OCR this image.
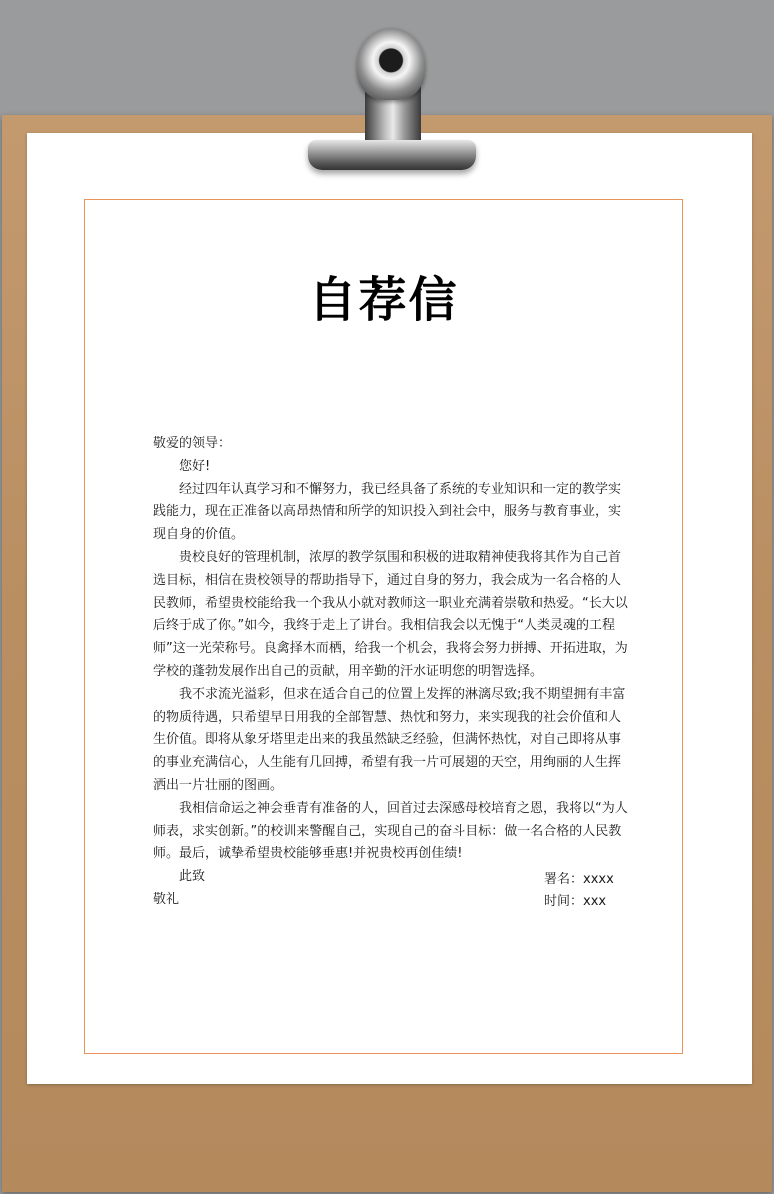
自荐信

敬爱的领导：

您好!

经过四年认真学习和不懈努力，我已经具备了系统的专业知识和一定的教学实践能力，现在正准备以高昂热情和所学的知识投入到社会中，服务与教育事业，实现自身的价值。

贵校良好的管理机制，浓厚的教学氛围和积极的进取精神使我将其作为自己首选目标，相信在贵校领导的帮助指导下，通过自身的努力，我会成为一名合格的人民教师，希望贵校能给我一个我从小就对教师这一职业充满着崇敬和热爱。“长大以后终于成了你。”如今，我终于走上了讲台。我相信我会以无愧于“人类灵魂的工程师”这一光荣称号。良禽择木而栖，给我一个机会，我将会努力拼搏、开拓进取，为学校的蓬勃发展作出自己的贡献，用辛勤的汗水证明您的明智选择。

我不求流光溢彩，但求在适合自己的位置上发挥的淋漓尽致;我不期望拥有丰富的物质待遇，只希望早日用我的全部智慧、热忱和努力，来实现我的社会价值和人生价值。即将从象牙塔里走出来的我虽然缺乏经验，但满怀热忱，对自己即将从事的事业充满信心，人生能有几回搏，希望有我一片可展翅的天空，用绚丽的人生挥洒出一片壮丽的图画。

我相信命运之神会垂青有准备的人，回首过去深感母校培育之恩，我将以“为人师表，求实创新。”的校训来警醒自己，实现自己的奋斗目标：做一名合格的人民教师。最后，诚挚希望贵校能够垂惠!并祝贵校再创佳绩!

此致

敬礼

署名：xxxx
时间：xxx
